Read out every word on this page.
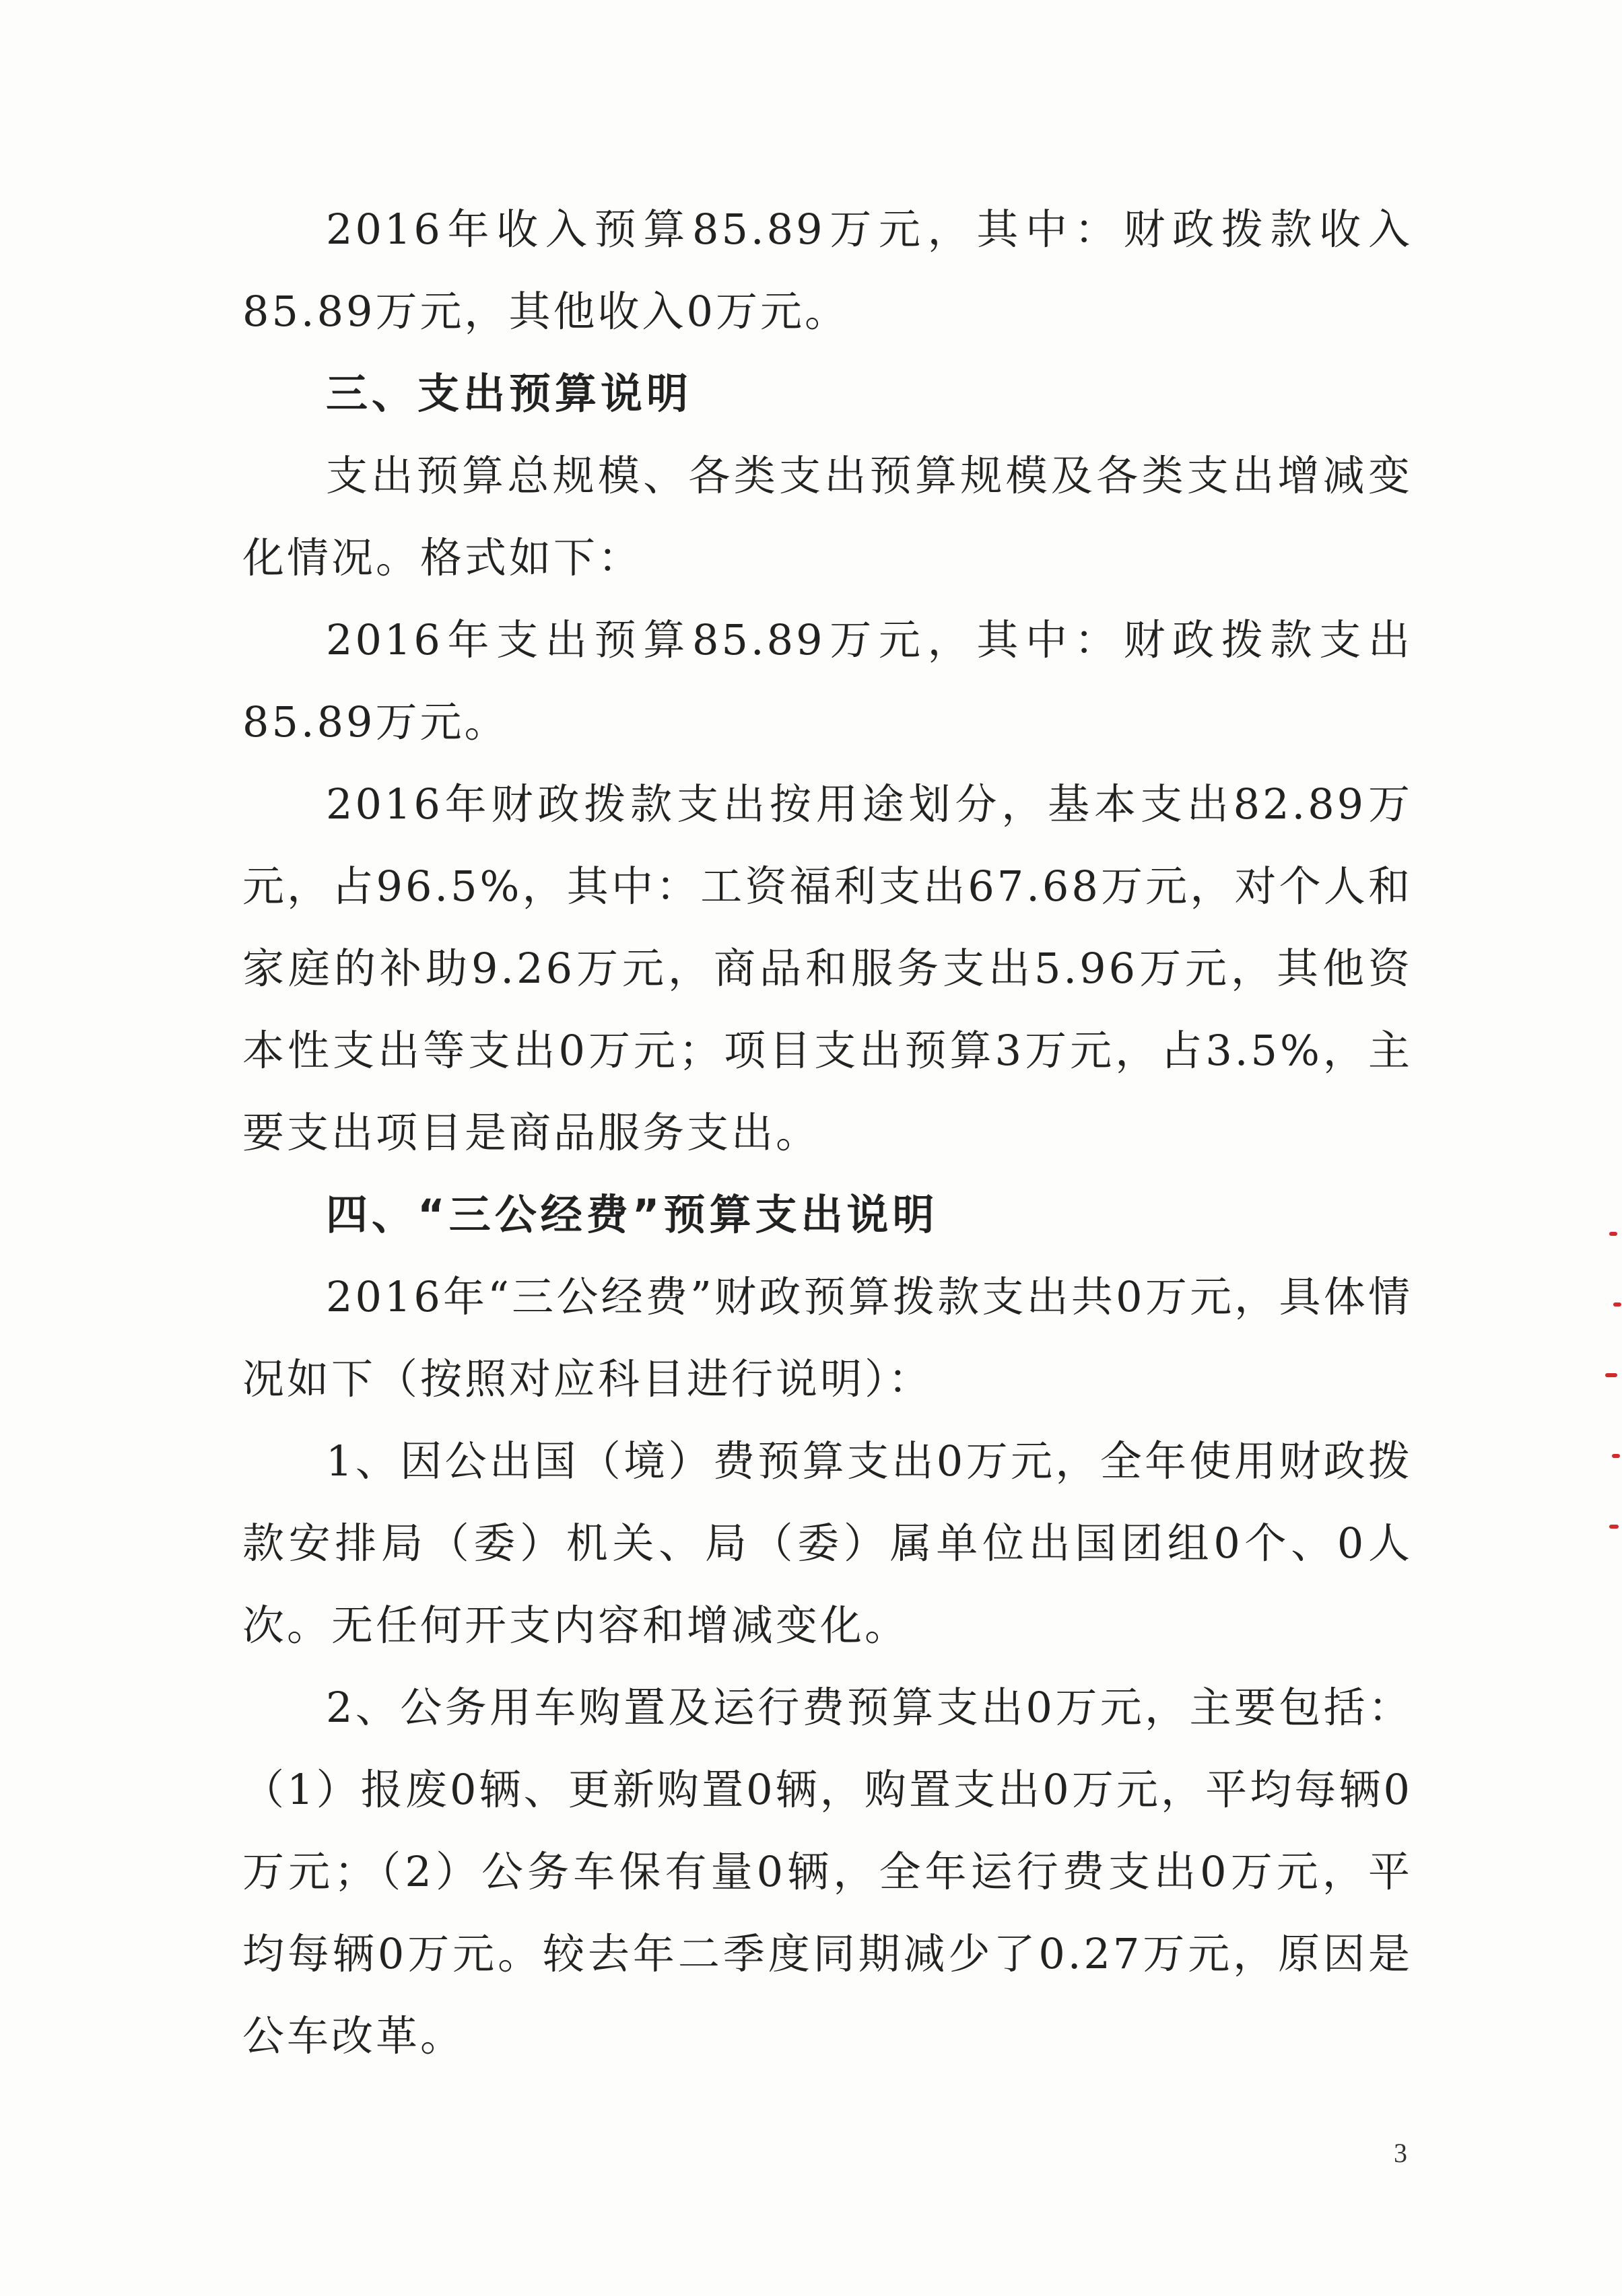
2016年收入预算85.89万元，其中：财政拨款收入85.89万元，其他收入0万元。

三、支出预算说明

支出预算总规模、各类支出预算规模及各类支出增减变化情况。格式如下：

2016年支出预算85.89万元，其中：财政拨款支出85.89万元。

2016年财政拨款支出按用途划分，基本支出82.89万元，占96.5%，其中：工资福利支出67.68万元，对个人和家庭的补助9.26万元，商品和服务支出5.96万元，其他资本性支出等支出0万元；项目支出预算3万元，占3.5%，主要支出项目是商品服务支出。

四、“三公经费”预算支出说明

2016年“三公经费”财政预算拨款支出共0万元，具体情况如下（按照对应科目进行说明）：

1、因公出国（境）费预算支出0万元，全年使用财政拨款安排局（委）机关、局（委）属单位出国团组0个、0人次。无任何开支内容和增减变化。

2、公务用车购置及运行费预算支出0万元，主要包括：（1）报废0辆、更新购置0辆，购置支出0万元，平均每辆0万元；（2）公务车保有量0辆，全年运行费支出0万元，平均每辆0万元。较去年二季度同期减少了0.27万元，原因是公车改革。

3
